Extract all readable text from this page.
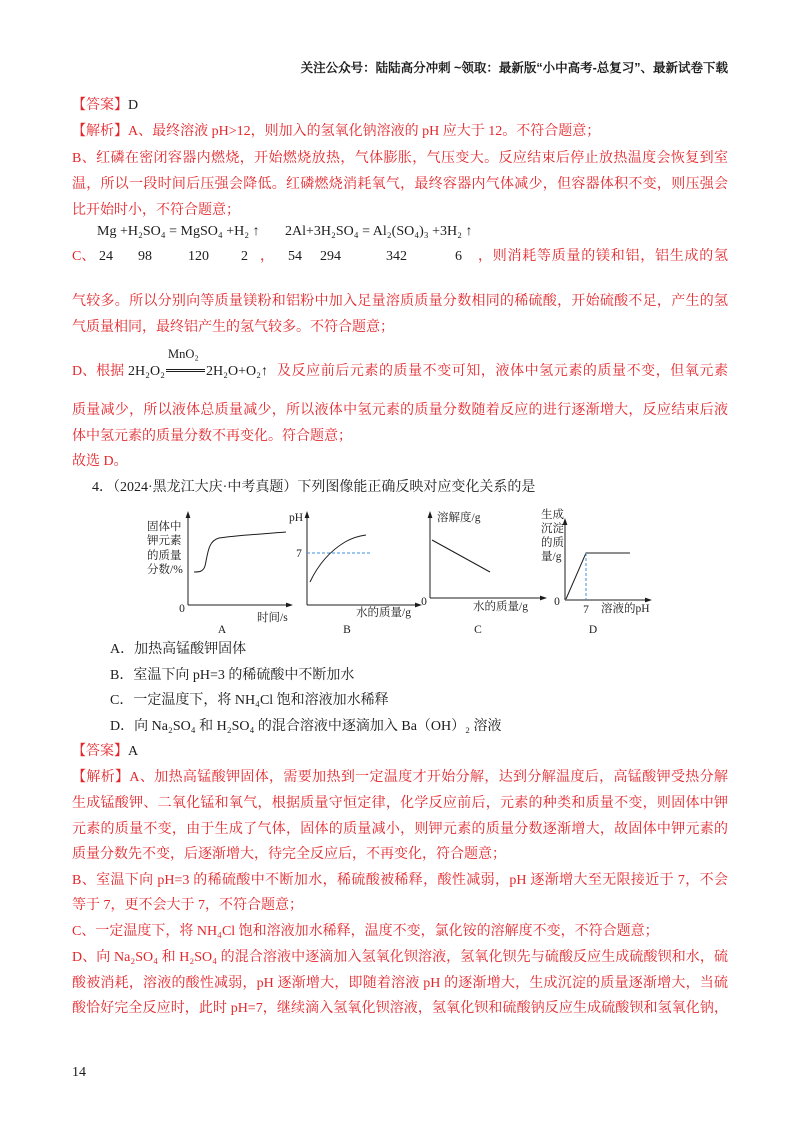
关注公众号：陆陆高分冲刺 ~领取：最新版“小中高考-总复习”、最新试卷下载
【答案】D
【解析】A、最终溶液 pH>12，则加入的氢氧化钠溶液的 pH 应大于 12。不符合题意；
B、红磷在密闭容器内燃烧，开始燃烧放热，气体膨胀，气压变大。反应结束后停止放热温度会恢复到室
温，所以一段时间后压强会降低。红磷燃烧消耗氧气，最终容器内气体减少，但容器体积不变，则压强会
比开始时小，不符合题意；
Mg +H₂SO₄ = MgSO₄ +H₂ ↑ 2Al+3H₂SO₄ = Al₂(SO₄)₃ +3H₂ ↑
C、 24 98	120 2 ， 54 294	342	6 ，则消耗等质量的镁和铝，铝生成的氢
气较多。所以分别向等质量镁粉和铝粉中加入足量溶质质量分数相同的稀硫酸，开始硫酸不足，产生的氢
气质量相同，最终铝产生的氢气较多。不符合题意；
D、根据 2H₂O₂
MnO₂
2H₂O+O₂↑ 及反应前后元素的质量不变可知，液体中氢元素的质量不变，但氧元素
质量减少，所以液体总质量减少，所以液体中氢元素的质量分数随着反应的进行逐渐增大，反应结束后液
体中氢元素的质量分数不再变化。符合题意；
故选 D。
4．（2024·黑龙江大庆·中考真题）下列图像能正确反映对应变化关系的是
固体中
钾元素
的质量
分数/%
0
时间/s
A
pH
7
水的质量/g
B
溶解度/g
0	水的质量/g
C
生成
沉淀
的质
量/g
0
7 溶液的pH
D
A．加热高锰酸钾固体
B．室温下向 pH=3 的稀硫酸中不断加水
C．一定温度下，将 NH₄Cl 饱和溶液加水稀释
D．向 Na₂SO₄ 和 H₂SO₄ 的混合溶液中逐滴加入 Ba（OH）₂ 溶液
【答案】A
【解析】A、加热高锰酸钾固体，需要加热到一定温度才开始分解，达到分解温度后，高锰酸钾受热分解
生成锰酸钾、二氧化锰和氧气，根据质量守恒定律，化学反应前后，元素的种类和质量不变，则固体中钾
元素的质量不变，由于生成了气体，固体的质量减小，则钾元素的质量分数逐渐增大，故固体中钾元素的
质量分数先不变，后逐渐增大，待完全反应后，不再变化，符合题意；
B、室温下向 pH=3 的稀硫酸中不断加水，稀硫酸被稀释，酸性减弱，pH 逐渐增大至无限接近于 7，不会
等于 7，更不会大于 7，不符合题意；
C、一定温度下，将 NH₄Cl 饱和溶液加水稀释，温度不变，氯化铵的溶解度不变，不符合题意；
D、向 Na₂SO₄ 和 H₂SO₄ 的混合溶液中逐滴加入氢氧化钡溶液，氢氧化钡先与硫酸反应生成硫酸钡和水，硫
酸被消耗，溶液的酸性减弱，pH 逐渐增大，即随着溶液 pH 的逐渐增大，生成沉淀的质量逐渐增大，当硫
酸恰好完全反应时，此时 pH=7，继续滴入氢氧化钡溶液，氢氧化钡和硫酸钠反应生成硫酸钡和氢氧化钠，
14
